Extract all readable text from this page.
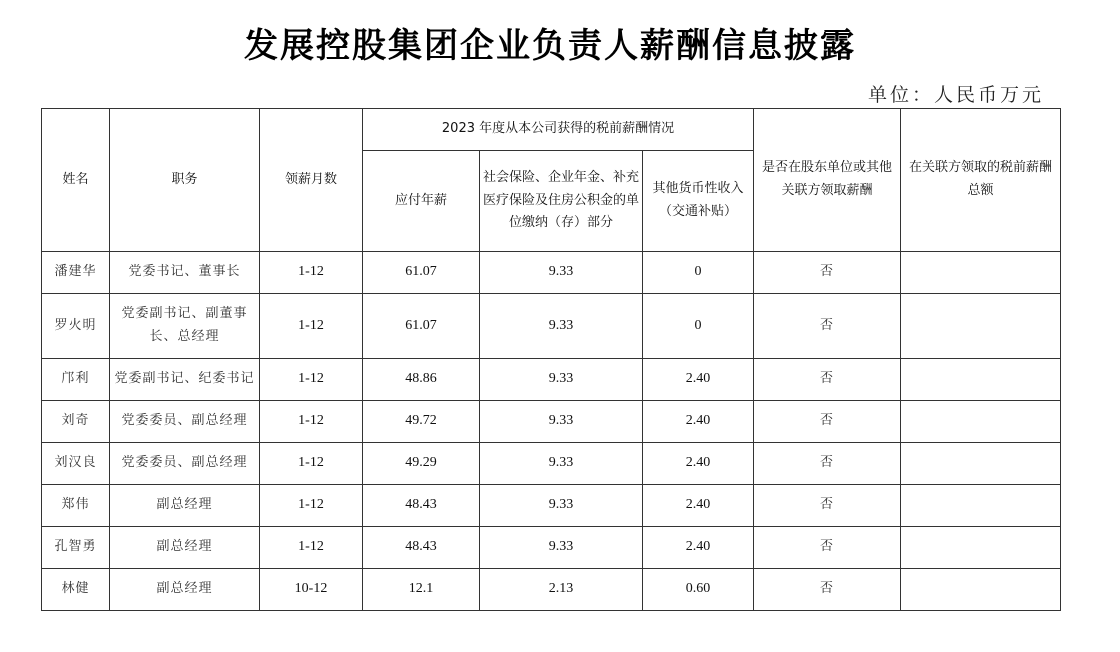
发展控股集团企业负责人薪酬信息披露
单位：人民币万元
姓名	职务	领薪月数	2023 年度从本公司获得的税前薪酬情况			是否在股东单位或其他关联方领取薪酬	在关联方领取的税前薪酬总额
			应付年薪	社会保险、企业年金、补充医疗保险及住房公积金的单位缴纳（存）部分	其他货币性收入（交通补贴）		
潘建华	党委书记、董事长	1-12	61.07	9.33	0	否	
罗火明	党委副书记、副董事长、总经理	1-12	61.07	9.33	0	否	
邝利	党委副书记、纪委书记	1-12	48.86	9.33	2.40	否	
刘奇	党委委员、副总经理	1-12	49.72	9.33	2.40	否	
刘汉良	党委委员、副总经理	1-12	49.29	9.33	2.40	否	
郑伟	副总经理	1-12	48.43	9.33	2.40	否	
孔智勇	副总经理	1-12	48.43	9.33	2.40	否	
林健	副总经理	10-12	12.1	2.13	0.60	否	
